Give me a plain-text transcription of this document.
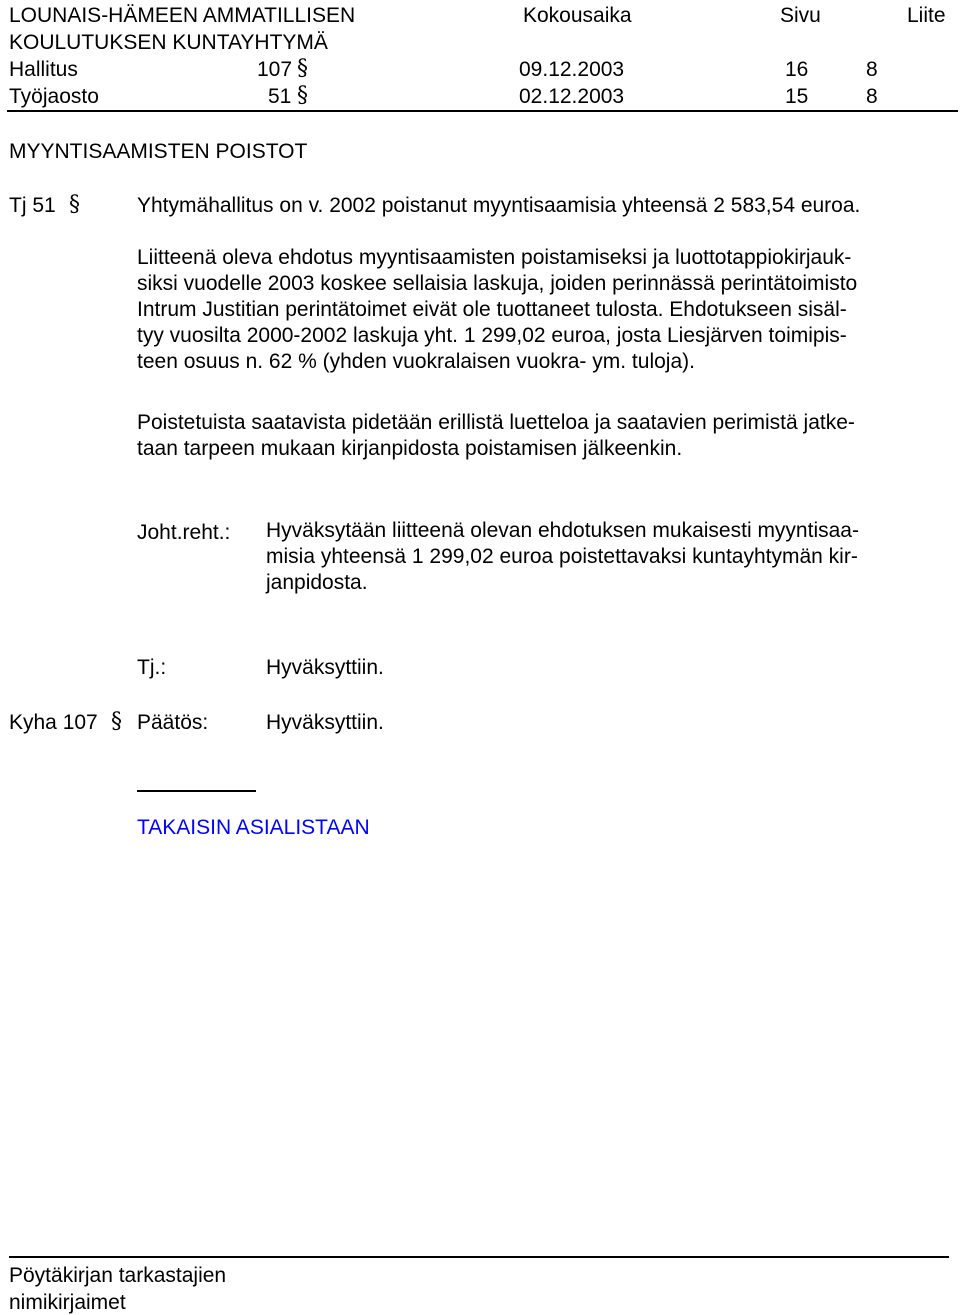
LOUNAIS-HÄMEEN AMMATILLISEN
KOULUTUKSEN KUNTAYHTYMÄ
Kokousaika	Sivu	Liite
Hallitus	107 §	09.12.2003	16	8
Työjaosto	51 §	02.12.2003	15	8
MYYNTISAAMISTEN POISTOT
Tj 51 §	Yhtymähallitus on v. 2002 poistanut myyntisaamisia yhteensä 2 583,54 euroa.
Liitteenä oleva ehdotus myyntisaamisten poistamiseksi ja luottotappiokirjauk-
siksi vuodelle 2003 koskee sellaisia laskuja, joiden perinnässä perintätoimisto
Intrum Justitian perintätoimet eivät ole tuottaneet tulosta. Ehdotukseen sisäl-
tyy vuosilta 2000-2002 laskuja yht. 1 299,02 euroa, josta Liesjärven toimipis-
teen osuus n. 62 % (yhden vuokralaisen vuokra- ym. tuloja).
Poistetuista saatavista pidetään erillistä luetteloa ja saatavien perimistä jatke-
taan tarpeen mukaan kirjanpidosta poistamisen jälkeenkin.
Joht.reht.: Hyväksytään liitteenä olevan ehdotuksen mukaisesti myyntisaa-
misia yhteensä 1 299,02 euroa poistettavaksi kuntayhtymän kir-
janpidosta.
Tj.:	Hyväksyttiin.
Kyha 107 § Päätös:	Hyväksyttiin.
TAKAISIN ASIALISTAAN
Pöytäkirjan tarkastajien
nimikirjaimet
